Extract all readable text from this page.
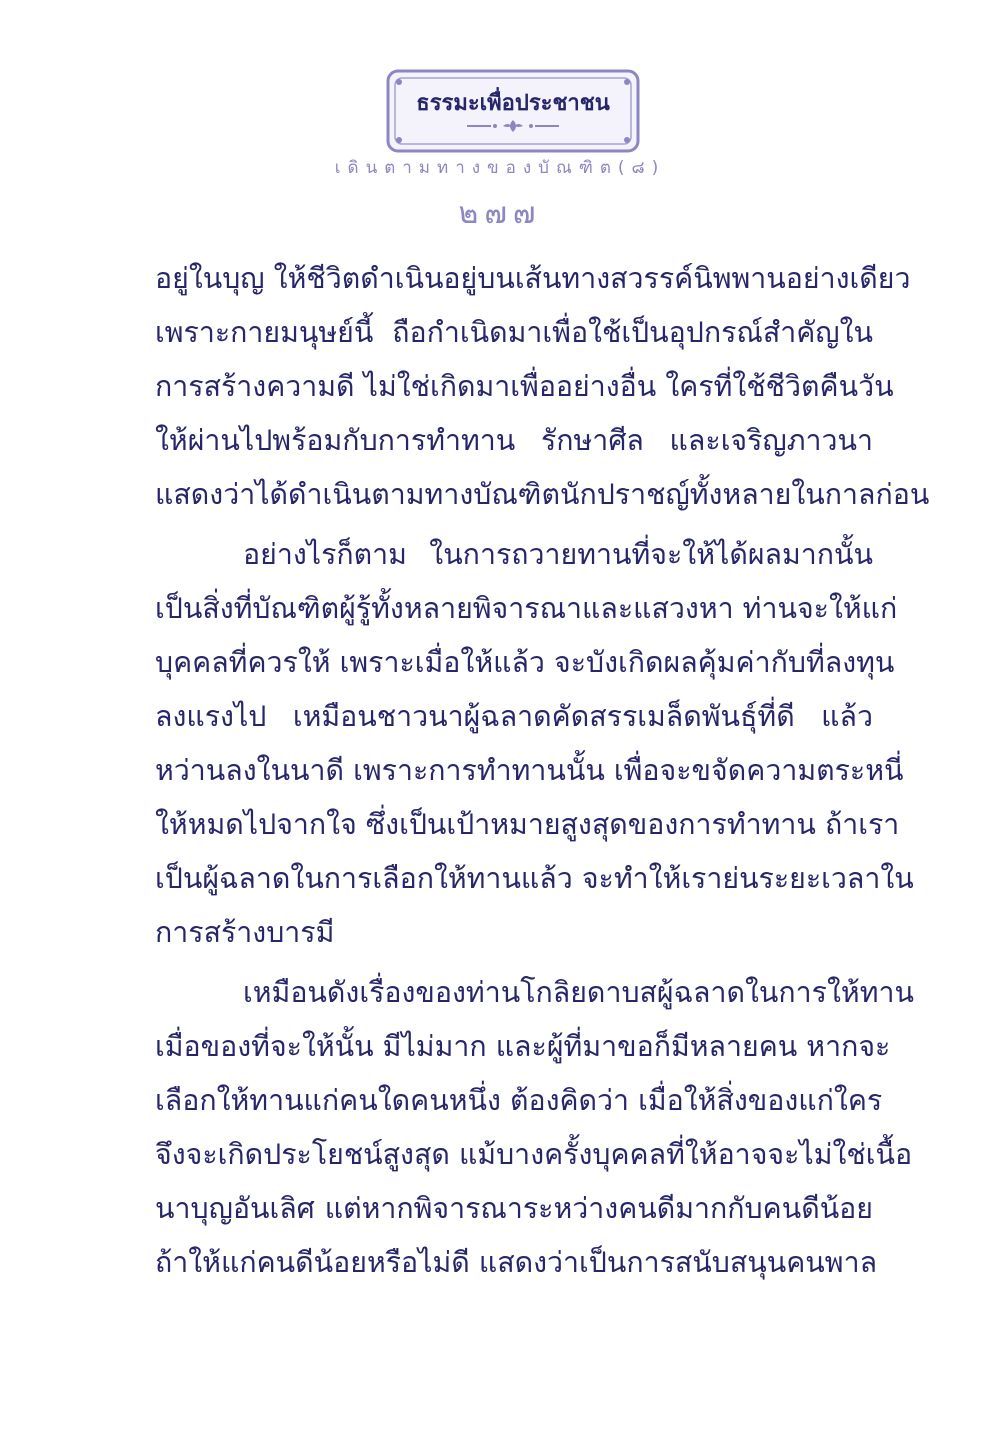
ธรรมะเพื่อประชาชน
เดินตามทางของบัณฑิต(๘)
๒๗๗
อยู่ในบุญ ให้ชีวิตดำเนินอยู่บนเส้นทางสวรรค์นิพพานอย่างเดียว
เพราะกายมนุษย์นี้ ถือกำเนิดมาเพื่อใช้เป็นอุปกรณ์สำคัญใน
การสร้างความดี ไม่ใช่เกิดมาเพื่ออย่างอื่น ใครที่ใช้ชีวิตคืนวัน
ให้ผ่านไปพร้อมกับการทำทาน รักษาศีล และเจริญภาวนา
แสดงว่าได้ดำเนินตามทางบัณฑิตนักปราชญ์ทั้งหลายในกาลก่อน
อย่างไรก็ตาม ในการถวายทานที่จะให้ได้ผลมากนั้น
เป็นสิ่งที่บัณฑิตผู้รู้ทั้งหลายพิจารณาและแสวงหา ท่านจะให้แก่
บุคคลที่ควรให้ เพราะเมื่อให้แล้ว จะบังเกิดผลคุ้มค่ากับที่ลงทุน
ลงแรงไป เหมือนชาวนาผู้ฉลาดคัดสรรเมล็ดพันธุ์ที่ดี แล้ว
หว่านลงในนาดี เพราะการทำทานนั้น เพื่อจะขจัดความตระหนี่
ให้หมดไปจากใจ ซึ่งเป็นเป้าหมายสูงสุดของการทำทาน ถ้าเรา
เป็นผู้ฉลาดในการเลือกให้ทานแล้ว จะทำให้เราย่นระยะเวลาใน
การสร้างบารมี
เหมือนดังเรื่องของท่านโกลิยดาบสผู้ฉลาดในการให้ทาน
เมื่อของที่จะให้นั้น มีไม่มาก และผู้ที่มาขอก็มีหลายคน หากจะ
เลือกให้ทานแก่คนใดคนหนึ่ง ต้องคิดว่า เมื่อให้สิ่งของแก่ใคร
จึงจะเกิดประโยชน์สูงสุด แม้บางครั้งบุคคลที่ให้อาจจะไม่ใช่เนื้อ
นาบุญอันเลิศ แต่หากพิจารณาระหว่างคนดีมากกับคนดีน้อย
ถ้าให้แก่คนดีน้อยหรือไม่ดี แสดงว่าเป็นการสนับสนุนคนพาล
